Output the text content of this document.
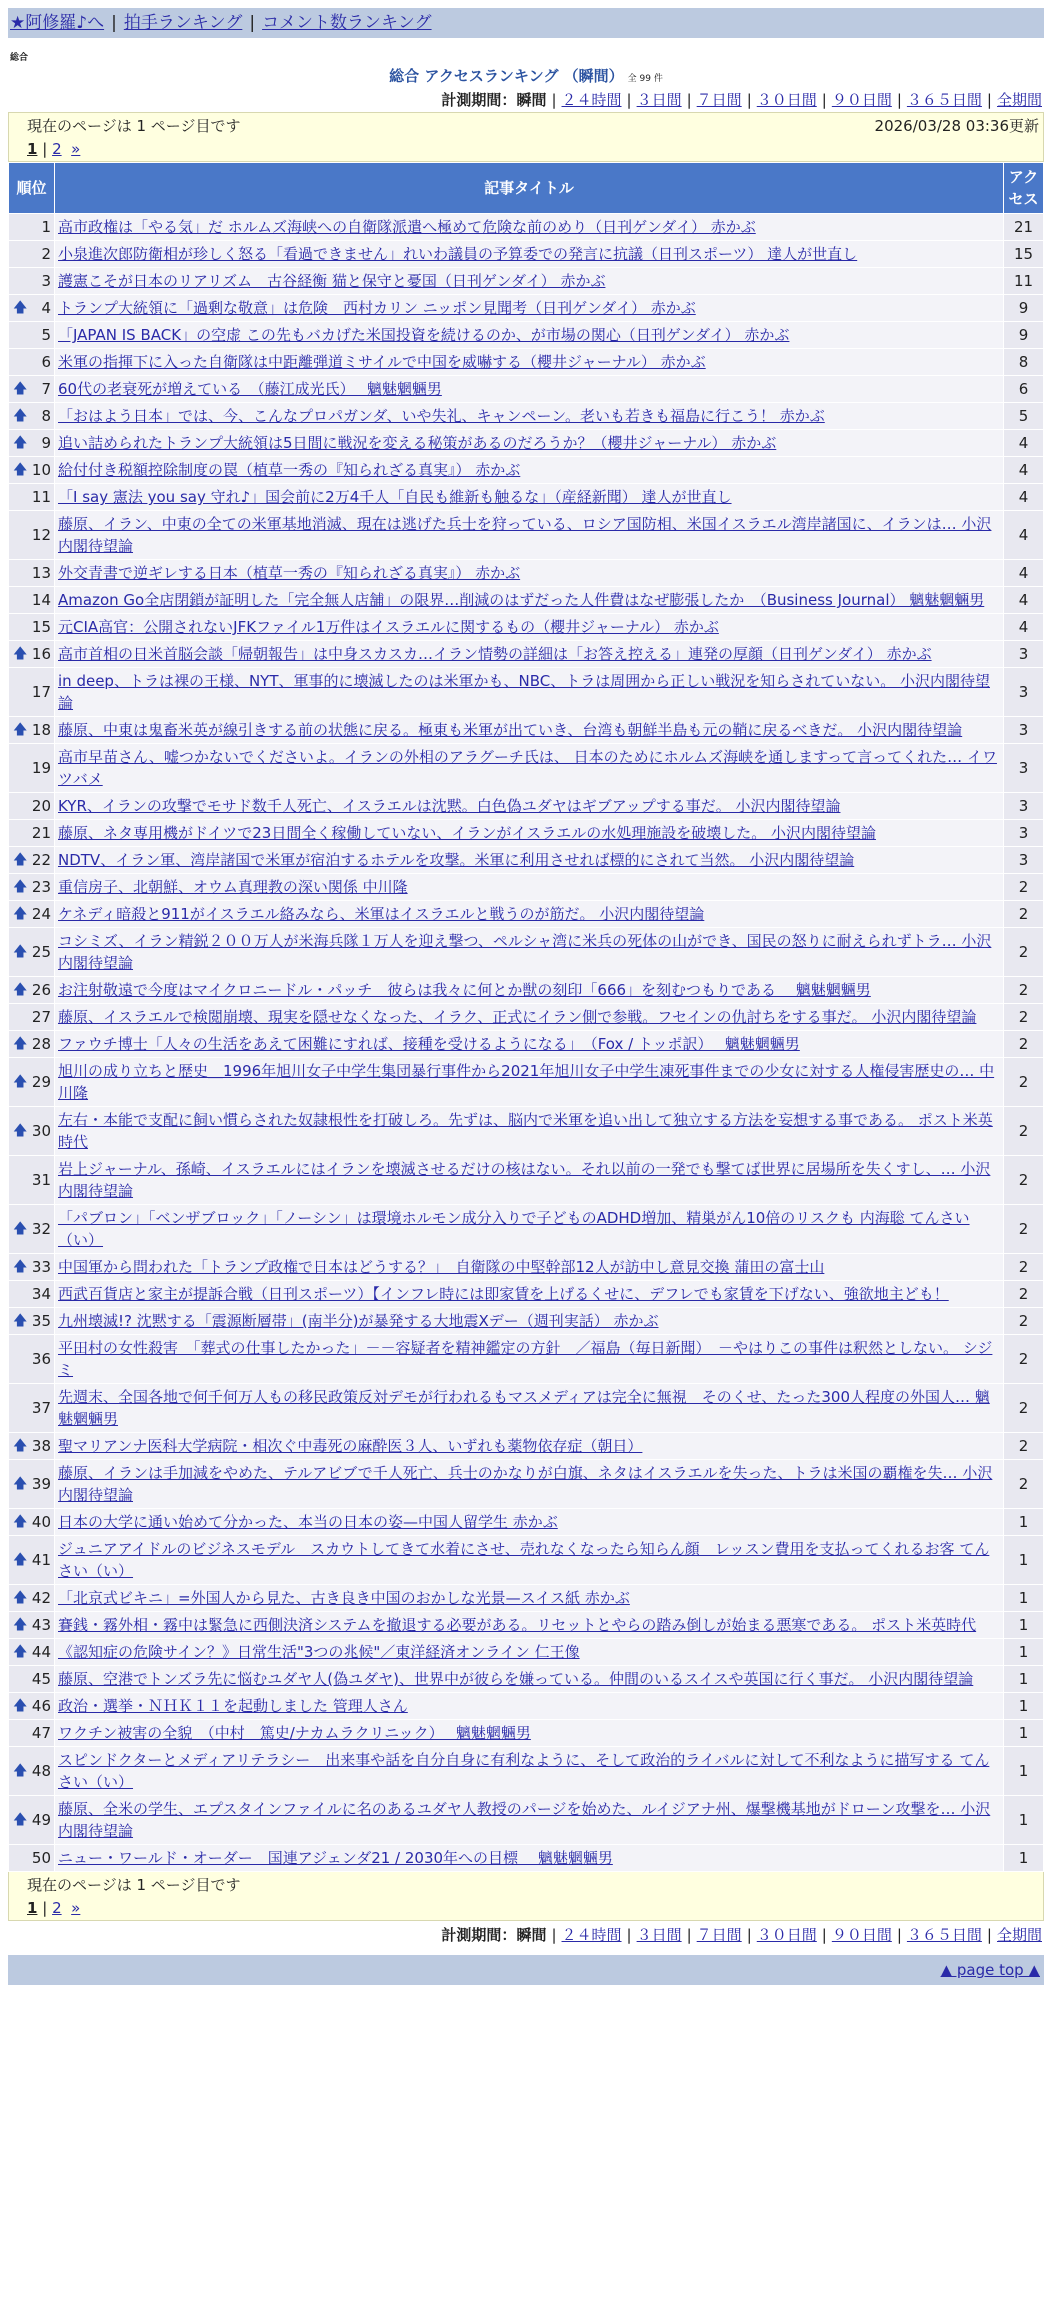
★阿修羅♪へ | 拍手ランキング | コメント数ランキング
総合
総合 アクセスランキング （瞬間） 全 99 件
計測期間：瞬間 | ２４時間 | ３日間 | ７日間 | ３０日間 | ９０日間 | ３６５日間 | 全期間
現在のページは 1 ページ目です	2026/03/28 03:36更新
1 | 2 »
順位	記事タイトル	アクセス
1	高市政権は「やる気」だ ホルムズ海峡への自衛隊派遣へ極めて危険な前のめり（日刊ゲンダイ） 赤かぶ	21
2	小泉進次郎防衛相が珍しく怒る「看過できません」れいわ議員の予算委での発言に抗議（日刊スポーツ） 達人が世直し	15
3	護憲こそが日本のリアリズム　古谷経衡 猫と保守と憂国（日刊ゲンダイ） 赤かぶ	11

🡅 4	トランプ大統領に「過剰な敬意」は危険　西村カリン ニッポン見聞考（日刊ゲンダイ） 赤かぶ	9
5	「JAPAN IS BACK」の空虚 この先もバカげた米国投資を続けるのか、が市場の関心（日刊ゲンダイ） 赤かぶ	9
6	米軍の指揮下に入った自衛隊は中距離弾道ミサイルで中国を威嚇する（櫻井ジャーナル） 赤かぶ	8

🡅 7	60代の老衰死が増えている　（藤江成光氏）　 魑魅魍魎男	6

🡅 8	「おはよう日本」では、今、こんなプロパガンダ、いや失礼、キャンペーン。老いも若きも福島に行こう！ 赤かぶ	5

🡅 9	追い詰められたトランプ大統領は5日間に戦況を変える秘策があるのだろうか？（櫻井ジャーナル） 赤かぶ	4

🡅 10	給付付き税額控除制度の罠（植草一秀の『知られざる真実』） 赤かぶ	4
11	「I say 憲法 you say 守れ♪」国会前に2万4千人「自民も維新も触るな」（産経新聞） 達人が世直し	4
12	藤原、イラン、中東の全ての米軍基地消滅、現在は逃げた兵士を狩っている、ロシア国防相、米国イスラエル湾岸諸国に、イランは… 小沢内閣待望論	4
13	外交青書で逆ギレする日本（植草一秀の『知られざる真実』） 赤かぶ	4
14	Amazon Go全店閉鎖が証明した「完全無人店舗」の限界…削減のはずだった人件費はなぜ膨張したか　（Business Journal） 魑魅魍魎男	4
15	元CIA高官：公開されないJFKファイル1万件はイスラエルに関するもの（櫻井ジャーナル） 赤かぶ	4

🡅 16	高市首相の日米首脳会談「帰朝報告」は中身スカスカ…イラン情勢の詳細は「お答え控える」連発の厚顔（日刊ゲンダイ） 赤かぶ	3
17	in deep、トラは裸の王様、NYT、軍事的に壊滅したのは米軍かも、NBC、トラは周囲から正しい戦況を知らされていない。 小沢内閣待望論	3

🡅 18	藤原、中東は鬼畜米英が線引きする前の状態に戻る。極東も米軍が出ていき、台湾も朝鮮半島も元の鞘に戻るべきだ。 小沢内閣待望論	3
19	高市早苗さん、嘘つかないでくださいよ。イランの外相のアラグーチ氏は、 日本のためにホルムズ海峡を通しますって言ってくれた… イワツバメ	3
20	KYR、イランの攻撃でモサド数千人死亡、イスラエルは沈黙。白色偽ユダヤはギブアップする事だ。 小沢内閣待望論	3
21	藤原、ネタ専用機がドイツで23日間全く稼働していない、イランがイスラエルの水処理施設を破壊した。 小沢内閣待望論	3

🡅 22	NDTV、イラン軍、湾岸諸国で米軍が宿泊するホテルを攻撃。米軍に利用させれば標的にされて当然。 小沢内閣待望論	3

🡅 23	重信房子、北朝鮮、オウム真理教の深い関係 中川隆	2

🡅 24	ケネディ暗殺と911がイスラエル絡みなら、米軍はイスラエルと戦うのが筋だ。 小沢内閣待望論	2

🡅 25	コシミズ、イラン精鋭２００万人が米海兵隊１万人を迎え撃つ、ペルシャ湾に米兵の死体の山ができ、国民の怒りに耐えられずトラ… 小沢内閣待望論	2

🡅 26	お注射敬遠で今度はマイクロニードル・パッチ　彼らは我々に何とか獣の刻印「666」を刻むつもりである　 魑魅魍魎男	2
27	藤原、イスラエルで検閲崩壊、現実を隠せなくなった、イラク、正式にイラン側で参戦。フセインの仇討ちをする事だ。 小沢内閣待望論	2

🡅 28	ファウチ博士「人々の生活をあえて困難にすれば、接種を受けるようになる」　（Fox / トッポ訳）　 魑魅魍魎男	2

🡅 29	旭川の成り立ちと歴史＿1996年旭川女子中学生集団暴行事件から2021年旭川女子中学生凍死事件までの少女に対する人権侵害歴史の… 中川隆	2

🡅 30	左右・本能で支配に飼い慣らされた奴隷根性を打破しろ。先ずは、脳内で米軍を追い出して独立する方法を妄想する事である。 ポスト米英時代	2
31	岩上ジャーナル、孫崎、イスラエルにはイランを壊滅させるだけの核はない。それ以前の一発でも撃てば世界に居場所を失くすし、… 小沢内閣待望論	2

🡅 32	「パブロン」「ベンザブロック」「ノーシン」は環境ホルモン成分入りで子どものADHD増加、精巣がん10倍のリスクも 内海聡 てんさい（い）	2

🡅 33	中国軍から問われた「トランプ政権で日本はどうする？」　自衛隊の中堅幹部12人が訪中し意見交換 蒲田の富士山	2
34	西武百貨店と家主が提訴合戦（日刊スポーツ）【インフレ時には即家賃を上げるくせに、デフレでも家賃を下げない、強欲地主ども！	2

🡅 35	九州壊滅!? 沈黙する「震源断層帯」(南半分)が暴発する大地震Xデー（週刊実話） 赤かぶ	2
36	平田村の女性殺害　「葬式の仕事したかった」－－容疑者を精神鑑定の方針　／福島（毎日新聞）　－やはりこの事件は釈然としない。 シジミ	2
37	先週末、全国各地で何千何万人もの移民政策反対デモが行われるもマスメディアは完全に無視　そのくせ、たった300人程度の外国人… 魑魅魍魎男	2

🡅 38	聖マリアンナ医科大学病院・相次ぐ中毒死の麻酔医３人、いずれも薬物依存症（朝日）	2

🡅 39	藤原、イランは手加減をやめた、テルアビブで千人死亡、兵士のかなりが白旗、ネタはイスラエルを失った、トラは米国の覇権を失… 小沢内閣待望論	2

🡅 40	日本の大学に通い始めて分かった、本当の日本の姿—中国人留学生 赤かぶ	1

🡅 41	ジュニアアイドルのビジネスモデル　スカウトしてきて水着にさせ、売れなくなったら知らん顔　レッスン費用を支払ってくれるお客 てんさい（い）	1

🡅 42	「北京式ビキニ」=外国人から見た、古き良き中国のおかしな光景—スイス紙 赤かぶ	1

🡅 43	賽銭・霧外相・霧中は緊急に西側決済システムを撤退する必要がある。リセットとやらの踏み倒しが始まる悪寒である。 ポスト米英時代	1

🡅 44	《認知症の危険サイン？》日常生活"3つの兆候"／東洋経済オンライン 仁王像	1
45	藤原、空港でトンズラ先に悩むユダヤ人(偽ユダヤ)、世界中が彼らを嫌っている。仲間のいるスイスや英国に行く事だ。 小沢内閣待望論	1

🡅 46	政治・選挙・ＮＨＫ１１を起動しました 管理人さん	1
47	ワクチン被害の全貌　（中村　篤史/ナカムラクリニック）　 魑魅魍魎男	1

🡅 48	スピンドクターとメディアリテラシー　出来事や話を自分自身に有利なように、そして政治的ライバルに対して不利なように描写する てんさい（い）	1

🡅 49	藤原、全米の学生、エプスタインファイルに名のあるユダヤ人教授のパージを始めた、ルイジアナ州、爆撃機基地がドローン攻撃を… 小沢内閣待望論	1
50	ニュー・ワールド・オーダー　国連アジェンダ21 / 2030年への目標　 魑魅魍魎男	1
現在のページは 1 ページ目です
1 | 2 »
計測期間：瞬間 | ２４時間 | ３日間 | ７日間 | ３０日間 | ９０日間 | ３６５日間 | 全期間
▲ page top ▲
